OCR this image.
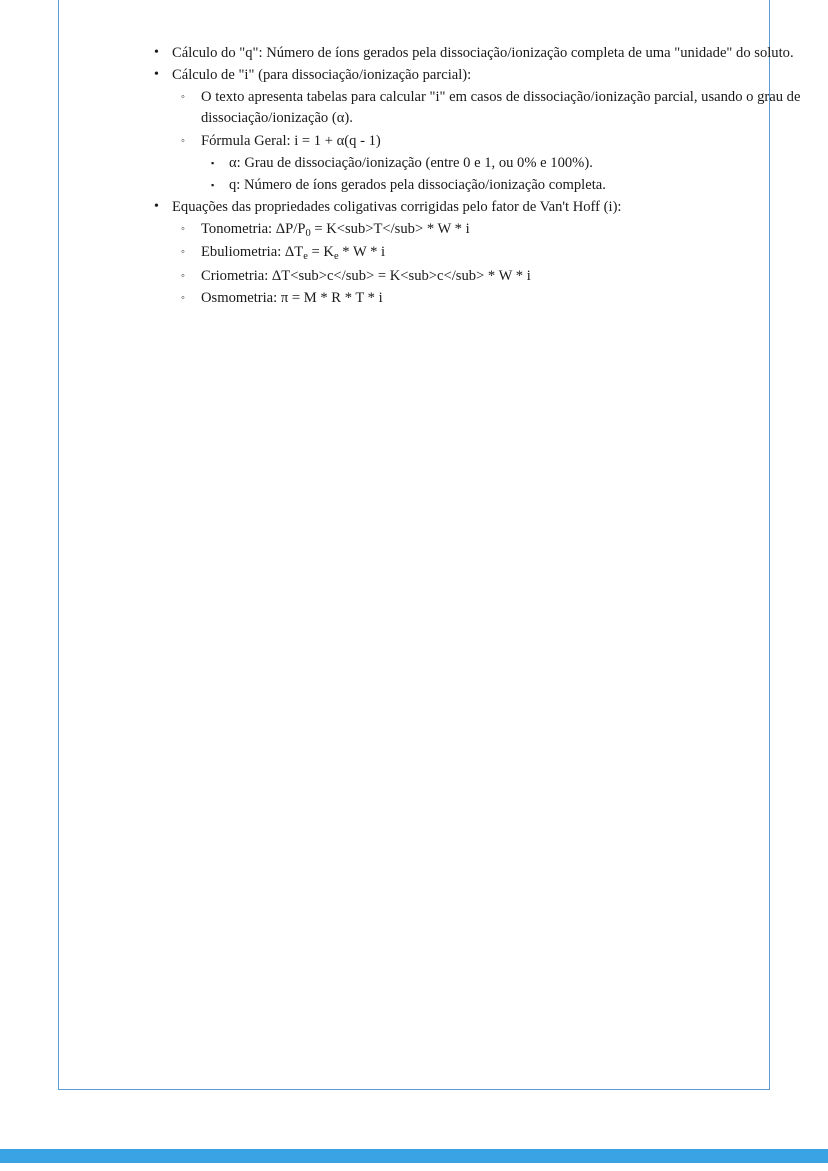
• Cálculo do "q": Número de íons gerados pela dissociação/ionização completa de uma "unidade" do soluto.
• Cálculo de "i" (para dissociação/ionização parcial):
◦ O texto apresenta tabelas para calcular "i" em casos de dissociação/ionização parcial, usando o grau de dissociação/ionização (α).
◦ Fórmula Geral: i = 1 + α(q - 1)
▪ α: Grau de dissociação/ionização (entre 0 e 1, ou 0% e 100%).
▪ q: Número de íons gerados pela dissociação/ionização completa.
• Equações das propriedades coligativas corrigidas pelo fator de Van't Hoff (i):
◦ Tonometria: $\Delta P/P_0 = K<sub>T</sub> * W * i$
◦ Ebuliometria: $\Delta T_e = K_e * W * i$
◦ Criometria: ΔT<sub>c</sub> = K<sub>c</sub> * W * i
◦ Osmometria: π = M * R * T * i
